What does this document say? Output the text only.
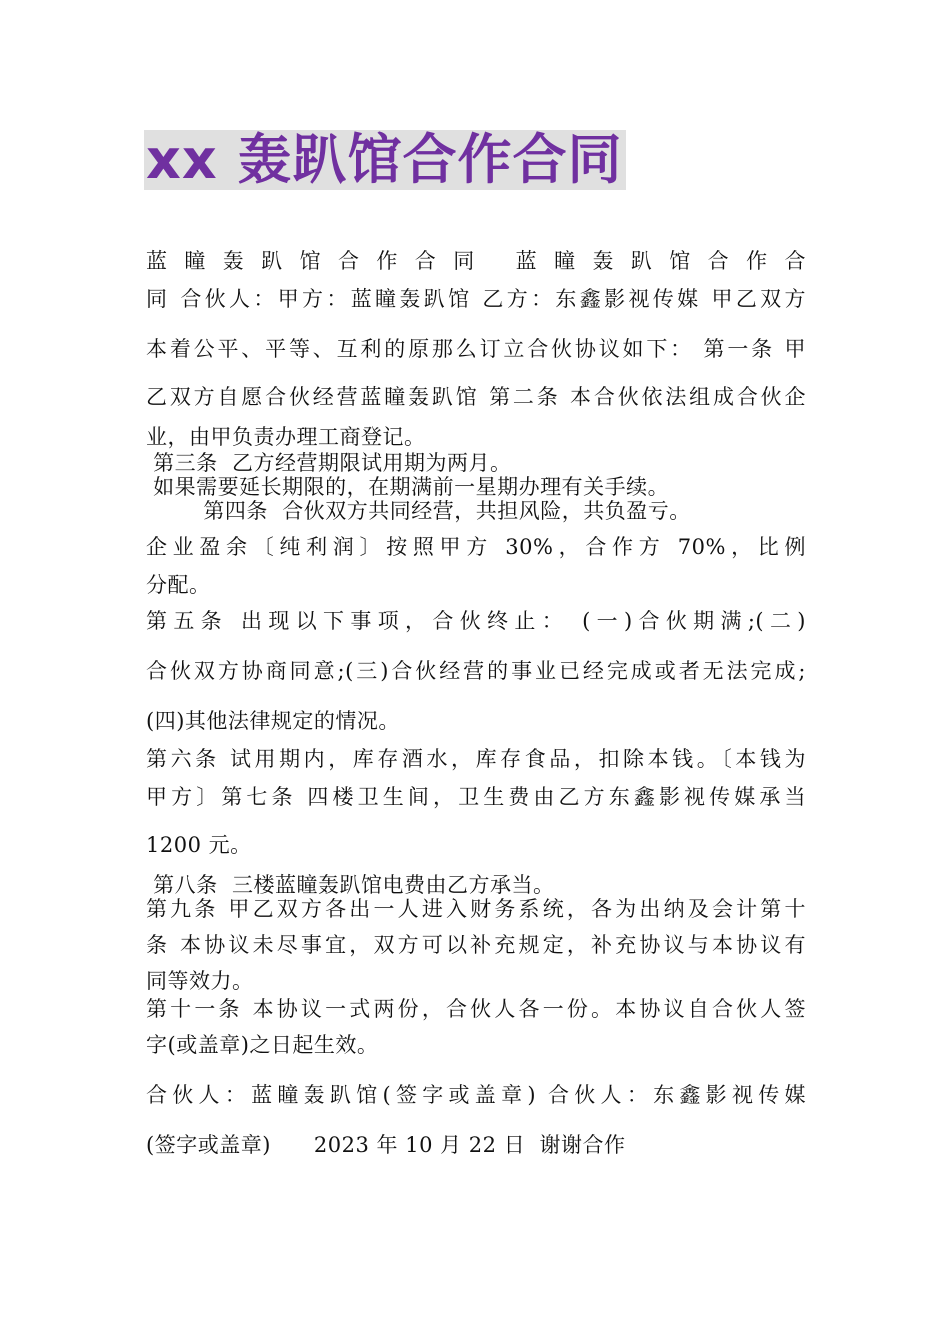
xx 轰趴馆合作合同
蓝瞳轰趴馆合作合同 蓝瞳轰趴馆合作合
同 合伙人：甲方：蓝瞳轰趴馆 乙方：东鑫影视传媒 甲乙双方
本着公平、平等、互利的原那么订立合伙协议如下： 第一条 甲
乙双方自愿合伙经营蓝瞳轰趴馆 第二条 本合伙依法组成合伙企
业，由甲负责办理工商登记。
第三条  乙方经营期限试用期为两月。
如果需要延长期限的，在期满前一星期办理有关手续。
第四条  合伙双方共同经营，共担风险，共负盈亏。
企业盈余〔纯利润〕按照甲方 30%，合作方 70%，比例
分配。
第五条 出现以下事项，合伙终止： (一)合伙期满;(二)
合伙双方协商同意;(三)合伙经营的事业已经完成或者无法完成;
(四)其他法律规定的情况。
第六条 试用期内，库存酒水，库存食品，扣除本钱。〔本钱为
甲方〕第七条 四楼卫生间，卫生费由乙方东鑫影视传媒承当
1200 元。
第八条  三楼蓝瞳轰趴馆电费由乙方承当。
第九条 甲乙双方各出一人进入财务系统，各为出纳及会计第十
条 本协议未尽事宜，双方可以补充规定，补充协议与本协议有
同等效力。
第十一条 本协议一式两份，合伙人各一份。本协议自合伙人签
字(或盖章)之日起生效。
合伙人：蓝瞳轰趴馆(签字或盖章) 合伙人：东鑫影视传媒
(签字或盖章)      2023 年 10 月 22 日  谢谢合作
